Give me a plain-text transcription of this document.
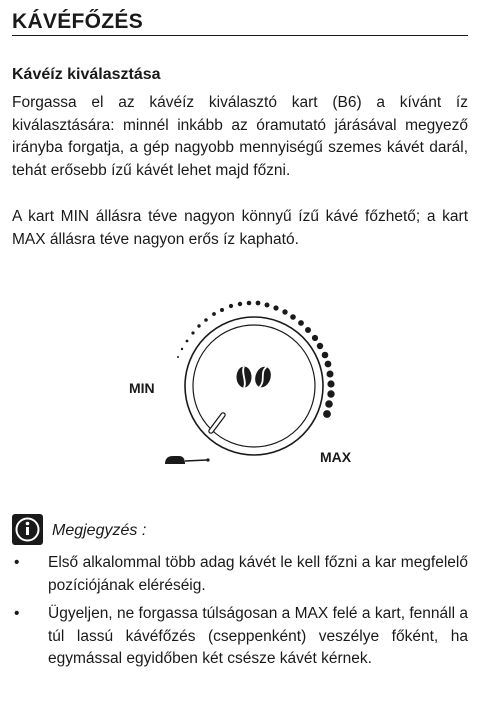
KÁVÉFŐZÉS
Kávéíz kiválasztása

Forgassa el az kávéíz kiválasztó kart (B6) a kívánt íz kiválasztására: minnél inkább az óramutató járásával megyező irányba forgatja, a gép nagyobb mennyiségű szemes kávét darál, tehát erősebb ízű kávét lehet majd főzni.

A kart MIN állásra téve nagyon könnyű ízű kávé főzhető; a kart MAX állásra téve nagyon erős íz kapható.

MIN
MAX
Megjegyzés :
• Első alkalommal több adag kávét le kell főzni a kar megfelelő pozíciójának eléréséig.
• Ügyeljen, ne forgassa túlságosan a MAX felé a kart, fennáll a túl lassú kávéfőzés (cseppenként) veszélye főként, ha egymással egyidőben két csésze kávét kérnek.
